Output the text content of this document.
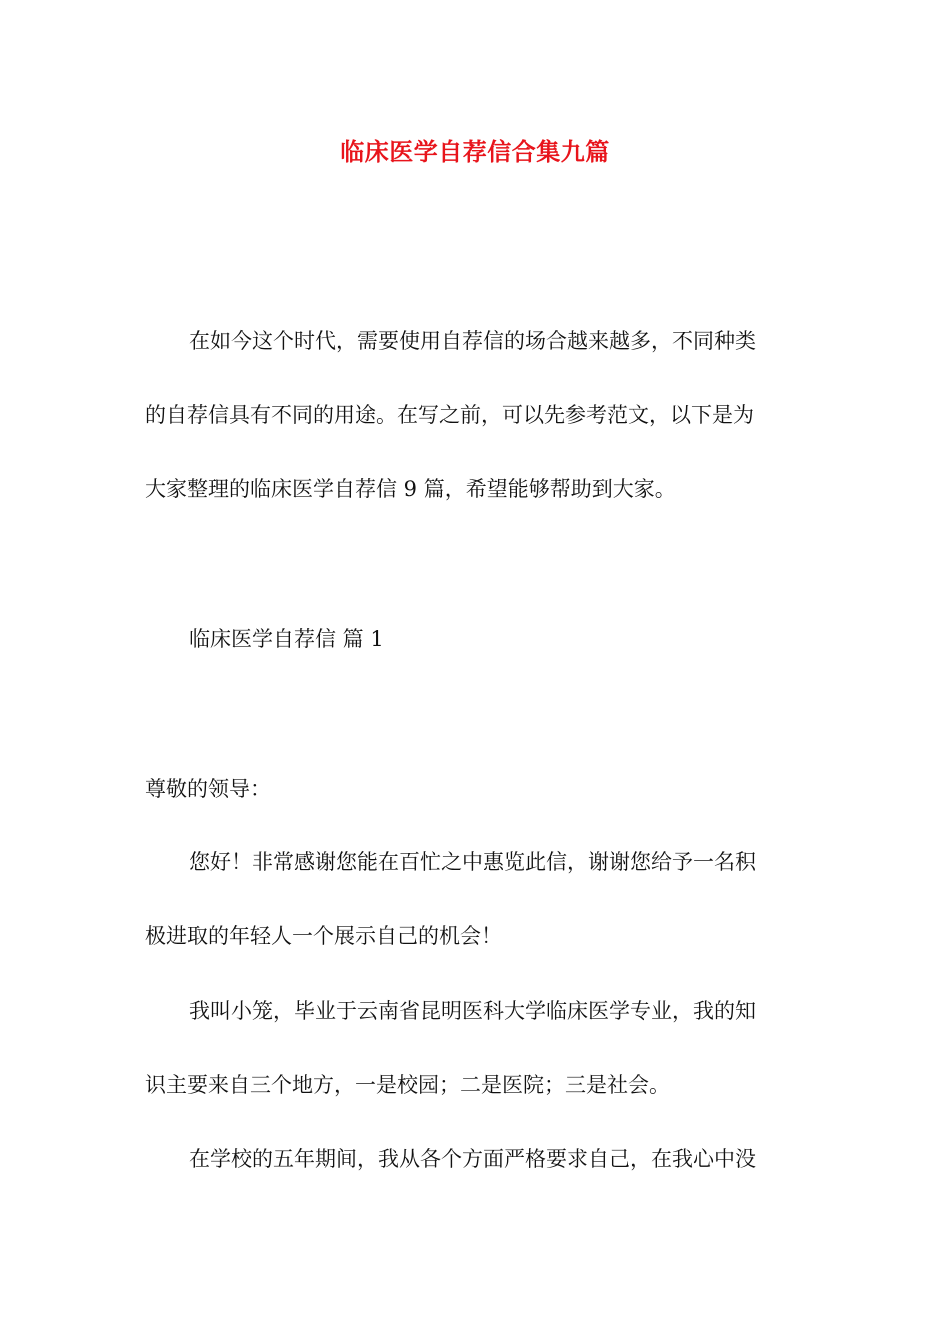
临床医学自荐信合集九篇
在如今这个时代，需要使用自荐信的场合越来越多，不同种类
的自荐信具有不同的用途。在写之前，可以先参考范文，以下是为
大家整理的临床医学自荐信 9 篇，希望能够帮助到大家。
临床医学自荐信 篇 1
尊敬的领导：
您好！非常感谢您能在百忙之中惠览此信，谢谢您给予一名积
极进取的年轻人一个展示自己的机会！
我叫小笼，毕业于云南省昆明医科大学临床医学专业，我的知
识主要来自三个地方，一是校园；二是医院；三是社会。
在学校的五年期间，我从各个方面严格要求自己，在我心中没
